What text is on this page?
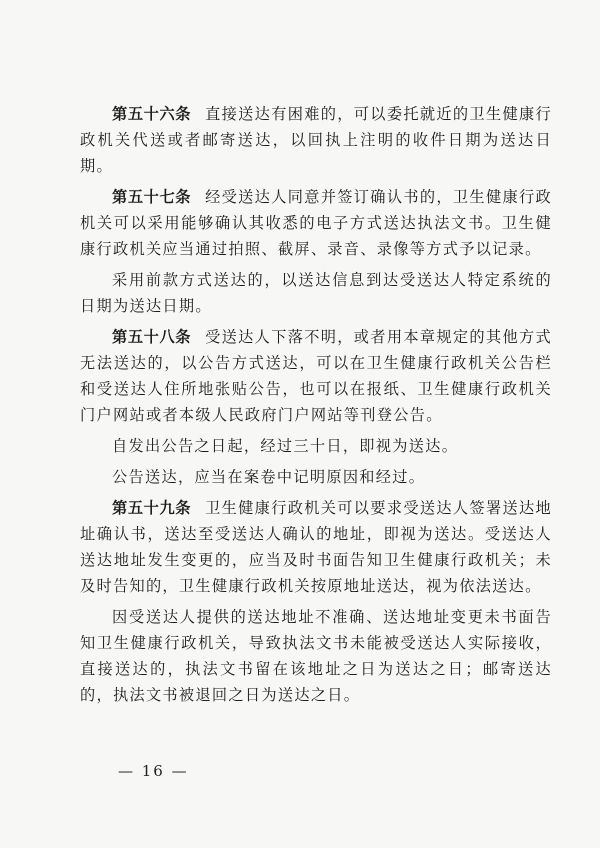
第五十六条 直接送达有困难的，可以委托就近的卫生健康行政机关代送或者邮寄送达，以回执上注明的收件日期为送达日期。

第五十七条 经受送达人同意并签订确认书的，卫生健康行政机关可以采用能够确认其收悉的电子方式送达执法文书。卫生健康行政机关应当通过拍照、截屏、录音、录像等方式予以记录。

采用前款方式送达的，以送达信息到达受送达人特定系统的日期为送达日期。

第五十八条 受送达人下落不明，或者用本章规定的其他方式无法送达的，以公告方式送达，可以在卫生健康行政机关公告栏和受送达人住所地张贴公告，也可以在报纸、卫生健康行政机关门户网站或者本级人民政府门户网站等刊登公告。

自发出公告之日起，经过三十日，即视为送达。

公告送达，应当在案卷中记明原因和经过。

第五十九条 卫生健康行政机关可以要求受送达人签署送达地址确认书，送达至受送达人确认的地址，即视为送达。受送达人送达地址发生变更的，应当及时书面告知卫生健康行政机关；未及时告知的，卫生健康行政机关按原地址送达，视为依法送达。

因受送达人提供的送达地址不准确、送达地址变更未书面告知卫生健康行政机关，导致执法文书未能被受送达人实际接收，直接送达的，执法文书留在该地址之日为送达之日；邮寄送达的，执法文书被退回之日为送达之日。

— 16 —
